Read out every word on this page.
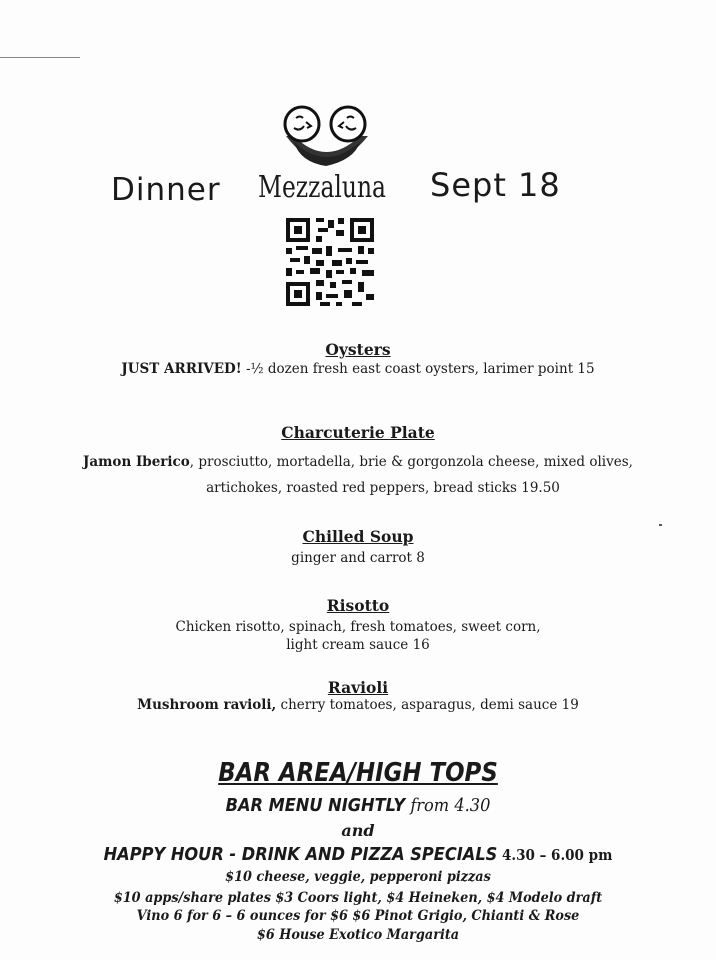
Dinner Mezzaluna Sept 18
Oysters
JUST ARRIVED! -½ dozen fresh east coast oysters, larimer point 15
Charcuterie Plate
Jamon Iberico, prosciutto, mortadella, brie & gorgonzola cheese, mixed olives,
artichokes, roasted red peppers, bread sticks 19.50
Chilled Soup
ginger and carrot 8
Risotto
Chicken risotto, spinach, fresh tomatoes, sweet corn,
light cream sauce 16
Ravioli
Mushroom ravioli, cherry tomatoes, asparagus, demi sauce 19
BAR AREA/HIGH TOPS
BAR MENU NIGHTLY from 4.30
and
HAPPY HOUR - DRINK AND PIZZA SPECIALS 4.30 – 6.00 pm
$10 cheese, veggie, pepperoni pizzas
$10 apps/share plates $3 Coors light, $4 Heineken, $4 Modelo draft
Vino 6 for 6 – 6 ounces for $6 $6 Pinot Grigio, Chianti & Rose
$6 House Exotico Margarita
